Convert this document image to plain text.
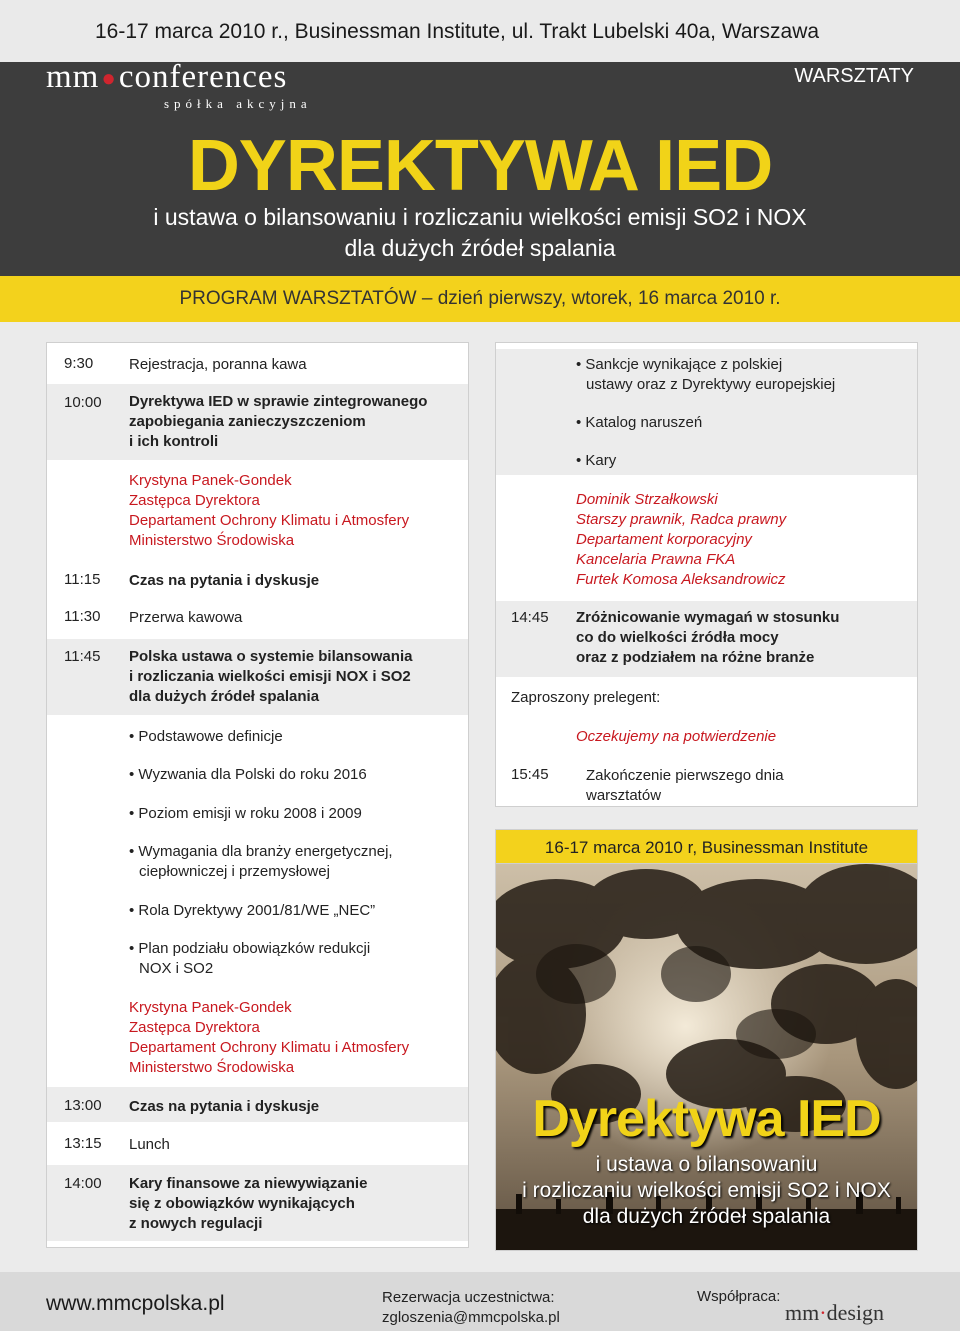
16-17 marca 2010 r., Businessman Institute, ul. Trakt Lubelski 40a, Warszawa
mm●conferences
spółka akcyjna
WARSZTATY
DYREKTYWA IED
i ustawa o bilansowaniu i rozliczaniu wielkości emisji SO2 i NOX
dla dużych źródeł spalania
PROGRAM WARSZTATÓW – dzień pierwszy, wtorek, 16 marca 2010 r.
9:30 Rejestracja, poranna kawa
10:00 Dyrektywa IED w sprawie zintegrowanego
zapobiegania zanieczyszczeniom
i ich kontroli
Krystyna Panek-Gondek
Zastępca Dyrektora
Departament Ochrony Klimatu i Atmosfery
Ministerstwo Środowiska
11:15 Czas na pytania i dyskusje
11:30 Przerwa kawowa
11:45 Polska ustawa o systemie bilansowania
i rozliczania wielkości emisji NOX i SO2
dla dużych źródeł spalania
• Podstawowe definicje
• Wyzwania dla Polski do roku 2016
• Poziom emisji w roku 2008 i 2009
• Wymagania dla branży energetycznej,
ciepłowniczej i przemysłowej
• Rola Dyrektywy 2001/81/WE „NEC”
• Plan podziału obowiązków redukcji
NOX i SO2
Krystyna Panek-Gondek
Zastępca Dyrektora
Departament Ochrony Klimatu i Atmosfery
Ministerstwo Środowiska
13:00 Czas na pytania i dyskusje
13:15 Lunch
14:00 Kary finansowe za niewywiązanie
się z obowiązków wynikających
z nowych regulacji
• Sankcje wynikające z polskiej
ustawy oraz z Dyrektywy europejskiej
• Katalog naruszeń
• Kary
Dominik Strzałkowski
Starszy prawnik, Radca prawny
Departament korporacyjny
Kancelaria Prawna FKA
Furtek Komosa Aleksandrowicz
14:45 Zróżnicowanie wymagań w stosunku
co do wielkości źródła mocy
oraz z podziałem na różne branże
Zaproszony prelegent:
Oczekujemy na potwierdzenie
15:45 Zakończenie pierwszego dnia
warsztatów
16-17 marca 2010 r, Businessman Institute
Dyrektywa IED
i ustawa o bilansowaniu
i rozliczaniu wielkości emisji SO2 i NOX
dla dużych źródeł spalania
www.mmcpolska.pl	Rezerwacja uczestnictwa:
zgloszenia@mmcpolska.pl
Współpraca:
mm·design
